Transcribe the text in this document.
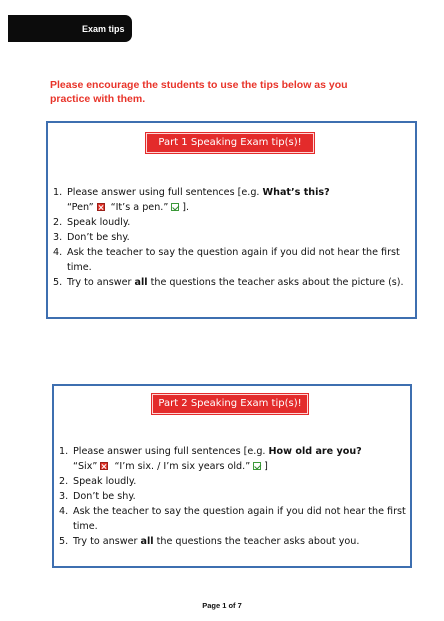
Exam tips
Please encourage the students to use the tips below as you practice with them.
Part 1 Speaking Exam tip(s)!
1. Please answer using full sentences [e.g. What’s this?
“Pen” “It’s a pen.” ].
2. Speak loudly.
3. Don’t be shy.
4. Ask the teacher to say the question again if you did not hear the first time.
5. Try to answer all the questions the teacher asks about the picture (s).
Part 2 Speaking Exam tip(s)!
1. Please answer using full sentences [e.g. How old are you?
“Six” “I’m six. / I’m six years old.” ]
2. Speak loudly.
3. Don’t be shy.
4. Ask the teacher to say the question again if you did not hear the first time.
5. Try to answer all the questions the teacher asks about you.
Page 1 of 7
